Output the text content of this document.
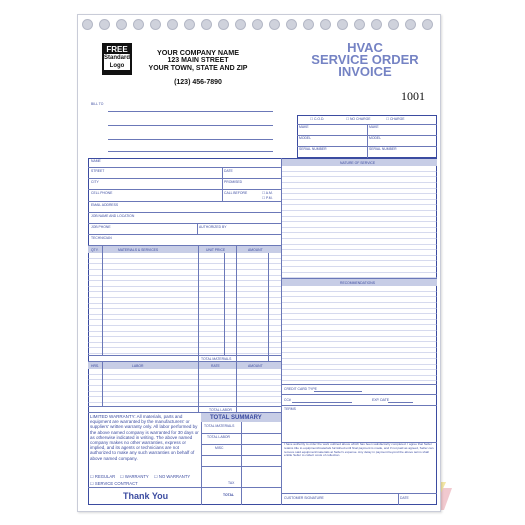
FREE
Standard
Logo
YOUR COMPANY NAME
123 MAIN STREET
YOUR TOWN, STATE AND ZIP
(123) 456-7890
HVAC
SERVICE ORDER
INVOICE
1001
BILL TO
☐ C.O.D.	☐ NO CHARGE	☐ CHARGE
MAKE	MAKE
MODEL	MODEL
SERIAL NUMBER	SERIAL NUMBER
NAME
STREET	DATE
CITY	PROMISED
CELL PHONE	CALL BEFORE	☐ A.M.
☐ P.M.
EMAIL ADDRESS
JOB NAME AND LOCATION
JOB PHONE	AUTHORIZED BY
TECHNICIAN
QTY.	MATERIALS & SERVICES	UNIT PRICE	AMOUNT
TOTAL MATERIALS
HRS.	LABOR	RATE	AMOUNT
TOTAL LABOR
LIMITED WARRANTY: All materials, parts and equipment are warranted by the manufacturers' or suppliers' written warranty only. All labor performed by the above named company is warranted for 30 days or as otherwise indicated in writing. The above named company makes no other warranties, express or implied, and its agents or technicians are not authorized to make any such warranties on behalf of above named company.
☐ REGULAR ☐ WARRANTY ☐ NO WARRANTY
☐ SERVICE CONTRACT
Thank You
TOTAL SUMMARY
TOTAL MATERIALS
TOTAL LABOR
MISC
TAX
TOTAL
NATURE OF SERVICE
RECOMMENDATIONS
CREDIT CARD TYPE
CC#	EXP. DATE
TERMS
I have authority to order the work outlined above which has been satisfactorily completed. I agree that Seller retains title to equipment/materials furnished until final payment is made, and if not paid as agreed, Seller can remove said equipment/materials at Seller's expense. Any delay in payment beyond the above terms shall entitle Seller to collect costs of collection.
CUSTOMER SIGNATURE	DATE
